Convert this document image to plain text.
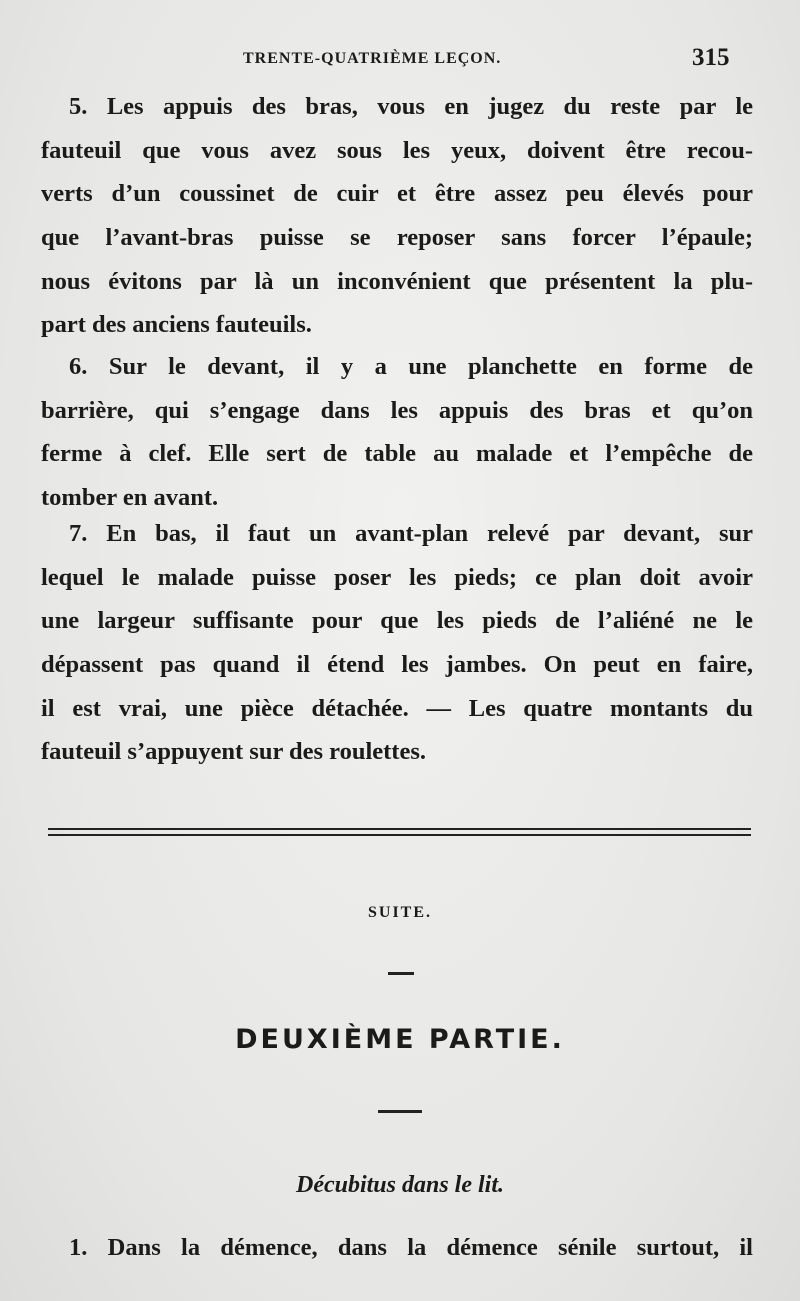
TRENTE-QUATRIÈME LEÇON.	315
5. Les appuis des bras, vous en jugez du reste par le
fauteuil que vous avez sous les yeux, doivent être recou-
verts d’un coussinet de cuir et être assez peu élevés pour
que l’avant-bras puisse se reposer sans forcer l’épaule;
nous évitons par là un inconvénient que présentent la plu-
part des anciens fauteuils.
6. Sur le devant, il y a une planchette en forme de
barrière, qui s’engage dans les appuis des bras et qu’on
ferme à clef. Elle sert de table au malade et l’empêche de
tomber en avant.
7. En bas, il faut un avant-plan relevé par devant, sur
lequel le malade puisse poser les pieds; ce plan doit avoir
une largeur suffisante pour que les pieds de l’aliéné ne le
dépassent pas quand il étend les jambes. On peut en faire,
il est vrai, une pièce détachée. — Les quatre montants du
fauteuil s’appuyent sur des roulettes.
SUITE.
DEUXIÈME PARTIE.
Décubitus dans le lit.
1. Dans la démence, dans la démence sénile surtout, il
